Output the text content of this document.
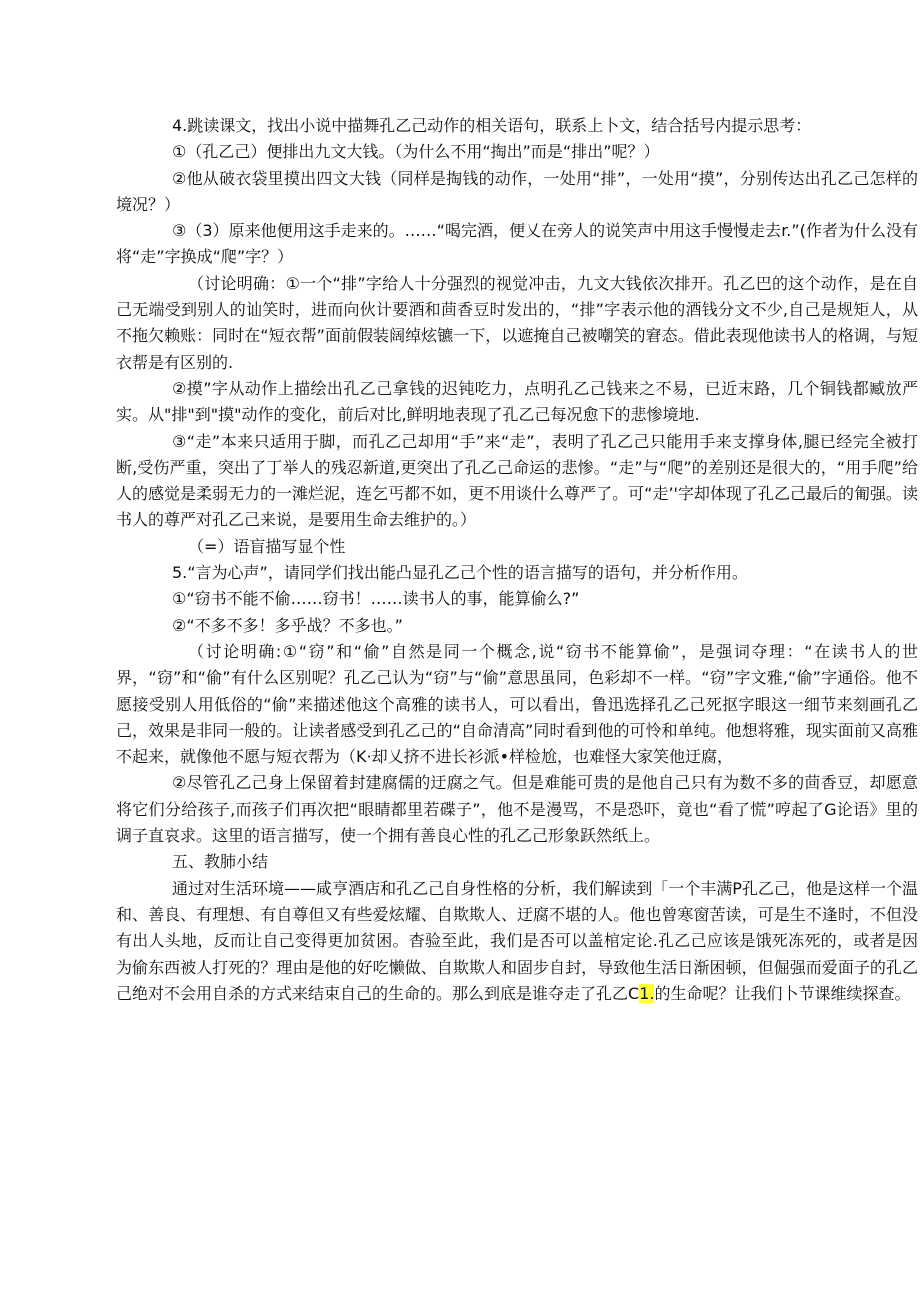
4.跳读课文，找出小说中描舞孔乙己动作的相关语句，联系上卜文，结合括号内提示思考：

①（孔乙己）便排出九文大钱。（为什么不用“掏出”而是“排出”呢？）

②他从破衣袋里摸出四文大钱（同样是掏钱的动作，一处用“排”，一处用“摸”，分别传达出孔乙己怎样的境况？）

③（3）原来他便用这手走来的。……“喝完酒，便乂在旁人的说笑声中用这手慢慢走去r.”(作者为什么没有将“走”字换成“爬”字？）

（讨论明确：①一个“排”字给人十分强烈的视觉冲击，九文大钱依次排开。孔乙巴的这个动作，是在自己无端受到别人的讪笑时，进而向伙计要酒和茴香豆时发出的，“排”字表示他的酒钱分文不少,自己是规矩人，从不拖欠赖账：同时在“短衣帮”面前假装阔绰炫镳一下，以遮掩自己被嘲笑的窘态。借此表现他读书人的格调，与短衣帮是有区别的.

②摸”字从动作上描绘出孔乙己拿钱的迟钝吃力，点明孔乙己钱来之不易，已近末路，几个铜钱都臧放严实。从"排"到"摸"动作的变化，前后对比,鲜明地表现了孔乙己每况愈下的悲惨境地.

③“走”本来只适用于脚，而孔乙己却用“手”来“走”，表明了孔乙己只能用手来支撑身体,腿已经完全被打断,受伤严重，突出了丁举人的残忍新道,更突出了孔乙己命运的悲惨。“走”与“爬”的差别还是很大的，“用手爬”给人的感觉是柔弱无力的一滩烂泥，连乞丐都不如，更不用谈什么尊严了。可“走’'字却体现了孔乙己最后的匍强。读书人的尊严对孔乙己来说，是要用生命去维护的。）

（=）语盲描写显个性

5.“言为心声”，请同学们找出能凸显孔乙己个性的语言描写的语句，并分析作用。

①“窃书不能不偷……窃书！……读书人的事，能算偷么?”

②“不多不多！多乎战？不多也。”

（讨论明确:①“窃”和“偷”自然是同一个概念,说“窃书不能算偷”，是强词夺理：“在读书人的世界，“窃”和“偷”有什么区别呢？孔乙己认为“窃”与“偷”意思虽同，色彩却不一样。“窃”字文雅,“偷”字通俗。他不愿接受别人用低俗的“偷”来描述他这个高雅的读书人，可以看出，鲁迅选择孔乙己死抠字眼这一细节来刻画孔乙己，效果是非同一般的。让读者感受到孔乙己的“自命清高”同时看到他的可怜和单纯。他想将雅，现实面前又高雅不起来，就像他不愿与短衣帮为（K·却乂挤不进长衫派•样检尬，也难怪大家笑他迂腐，

②尽管孔乙己身上保留着封建腐儒的迂腐之气。但是难能可贵的是他自己只有为数不多的茴香豆，却愿意将它们分给孩子,而孩子们再次把“眼睛都里若碟子”，他不是漫骂，不是恐吓，竟也“看了慌”哼起了G论语》里的调子直哀求。这里的语言描写，使一个拥有善良心性的孔乙己形象跃然纸上。

五、教肺小结

通过对生活环境——咸亨酒店和孔乙己自身性格的分析，我们解读到「一个丰满P孔乙己，他是这样一个温和、善良、有理想、有自尊但又有些爱炫耀、自欺欺人、迂腐不堪的人。他也曾寒窗苦读，可是生不逢时，不但没有出人头地，反而让自己变得更加贫困。杳验至此，我们是否可以盖棺定论.孔乙己应该是饿死冻死的，或者是因为偷东西被人打死的？理由是他的好吃懒做、自欺欺人和固步自封，导致他生活日渐困顿，但倔强而爱面子的孔乙己绝对不会用自杀的方式来结束自己的生命的。那么到底是谁夺走了孔乙C1.的生命呢？让我们卜节课维续探查。
